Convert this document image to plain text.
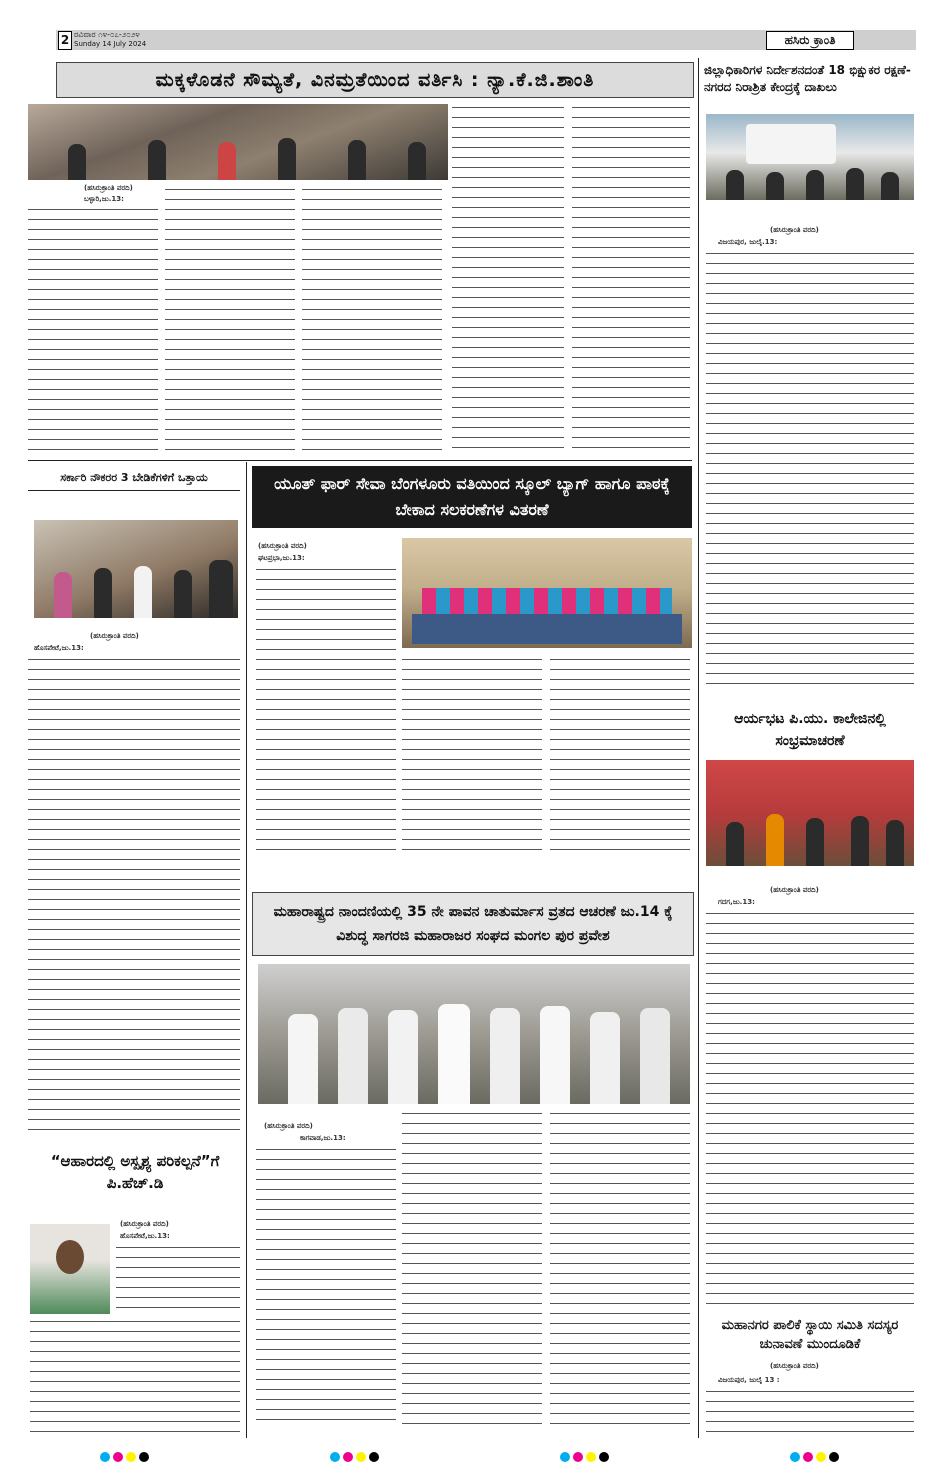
2 ರವಿವಾರ ೧೪-೦೭-೨೦೨೪
Sunday 14 July 2024	ಹಸಿರು ಕ್ರಾಂತಿ
ಮಕ್ಕಳೊಡನೆ ಸೌಮ್ಯತೆ, ವಿನಮ್ರತೆಯಿಂದ ವರ್ತಿಸಿ : ನ್ಯಾ.ಕೆ.ಜಿ.ಶಾಂತಿ
(ಹಸಿರುಕ್ರಾಂತಿ ವರದಿ)
ಬಳ್ಳಾರಿ,ಜು.13:
ಜಿಲ್ಲಾಧಿಕಾರಿಗಳ ನಿರ್ದೇಶನದಂತೆ 18 ಭಿಕ್ಷುಕರ ರಕ್ಷಣೆ-ನಗರದ ನಿರಾಶ್ರಿತ ಕೇಂದ್ರಕ್ಕೆ ದಾಖಲು
(ಹಸಿರುಕ್ರಾಂತಿ ವರದಿ)
ವಿಜಯಪುರ, ಜುಲೈ.13:
ಆರ್ಯಭಟ ಪಿ.ಯು. ಕಾಲೇಜಿನಲ್ಲಿ ಸಂಭ್ರಮಾಚರಣೆ
(ಹಸಿರುಕ್ರಾಂತಿ ವರದಿ)
ಗದಗ,ಜು.13:
ಮಹಾನಗರ ಪಾಲಿಕೆ ಸ್ಥಾಯಿ ಸಮಿತಿ ಸದಸ್ಯರ ಚುನಾವಣೆ ಮುಂದೂಡಿಕೆ
(ಹಸಿರುಕ್ರಾಂತಿ ವರದಿ)
ವಿಜಯಪುರ, ಜುಲೈ 13 :
ಸರ್ಕಾರಿ ನೌಕರರ 3 ಬೇಡಿಕೆಗಳಿಗೆ ಒತ್ತಾಯ
(ಹಸಿರುಕ್ರಾಂತಿ ವರದಿ)
ಹೊಸಪೇಟೆ,ಜು.13:
“ಆಹಾರದಲ್ಲಿ ಅಸ್ಪೃಶ್ಯ ಪರಿಕಲ್ಪನೆ”ಗೆ ಪಿ.ಹೆಚ್.ಡಿ
(ಹಸಿರುಕ್ರಾಂತಿ ವರದಿ)
ಹೊಸಪೇಟೆ,ಜು.13:
ಯೂತ್ ಫಾರ್ ಸೇವಾ ಬೆಂಗಳೂರು ವತಿಯಿಂದ ಸ್ಕೂಲ್ ಬ್ಯಾಗ್ ಹಾಗೂ ಪಾಠಕ್ಕೆ ಬೇಕಾದ ಸಲಕರಣೆಗಳ ವಿತರಣೆ
(ಹಸಿರುಕ್ರಾಂತಿ ವರದಿ)
ಘಟಪ್ರಭಾ,ಜು.13:
ಮಹಾರಾಷ್ಟ್ರದ ನಾಂದಣಿಯಲ್ಲಿ 35 ನೇ ಪಾವನ ಚಾತುರ್ಮಾಸ ವ್ರತದ ಆಚರಣೆ ಜು.14 ಕ್ಕೆ ವಿಶುದ್ಧ ಸಾಗರಜಿ ಮಹಾರಾಜರ ಸಂಘದ ಮಂಗಲ ಪುರ ಪ್ರವೇಶ
(ಹಸಿರುಕ್ರಾಂತಿ ವರದಿ)
ಕಾಗವಾಡ,ಜು.13:
